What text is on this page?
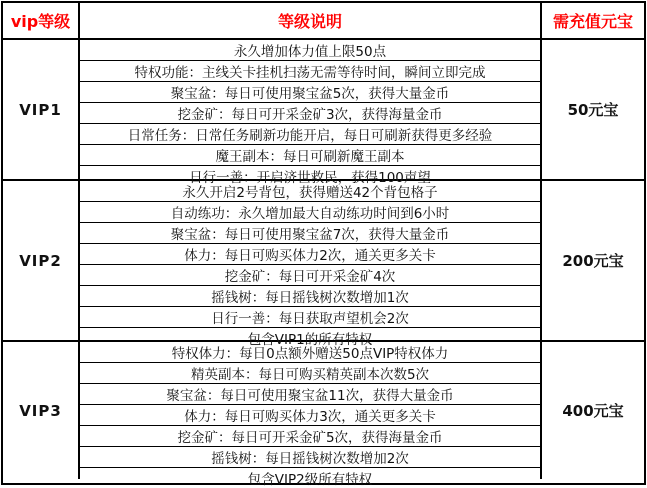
vip等级	等级说明	需充值元宝
VIP1
永久增加体力值上限50点
特权功能：主线关卡挂机扫荡无需等待时间，瞬间立即完成
聚宝盆：每日可使用聚宝盆5次，获得大量金币
挖金矿：每日可开采金矿3次，获得海量金币
日常任务：日常任务刷新功能开启，每日可刷新获得更多经验
魔王副本：每日可刷新魔王副本
日行一善：开启济世救民，获得100声望
50元宝
VIP2
永久开启2号背包，获得赠送42个背包格子
自动练功：永久增加最大自动练功时间到6小时
聚宝盆：每日可使用聚宝盆7次，获得大量金币
体力：每日可购买体力2次，通关更多关卡
挖金矿：每日可开采金矿4次
摇钱树：每日摇钱树次数增加1次
日行一善：每日获取声望机会2次
包含VIP1的所有特权
200元宝
VIP3
特权体力：每日0点额外赠送50点VIP特权体力
精英副本：每日可购买精英副本次数5次
聚宝盆：每日可使用聚宝盆11次，获得大量金币
体力：每日可购买体力3次，通关更多关卡
挖金矿：每日可开采金矿5次，获得海量金币
摇钱树：每日摇钱树次数增加2次
包含VIP2级所有特权
400元宝
